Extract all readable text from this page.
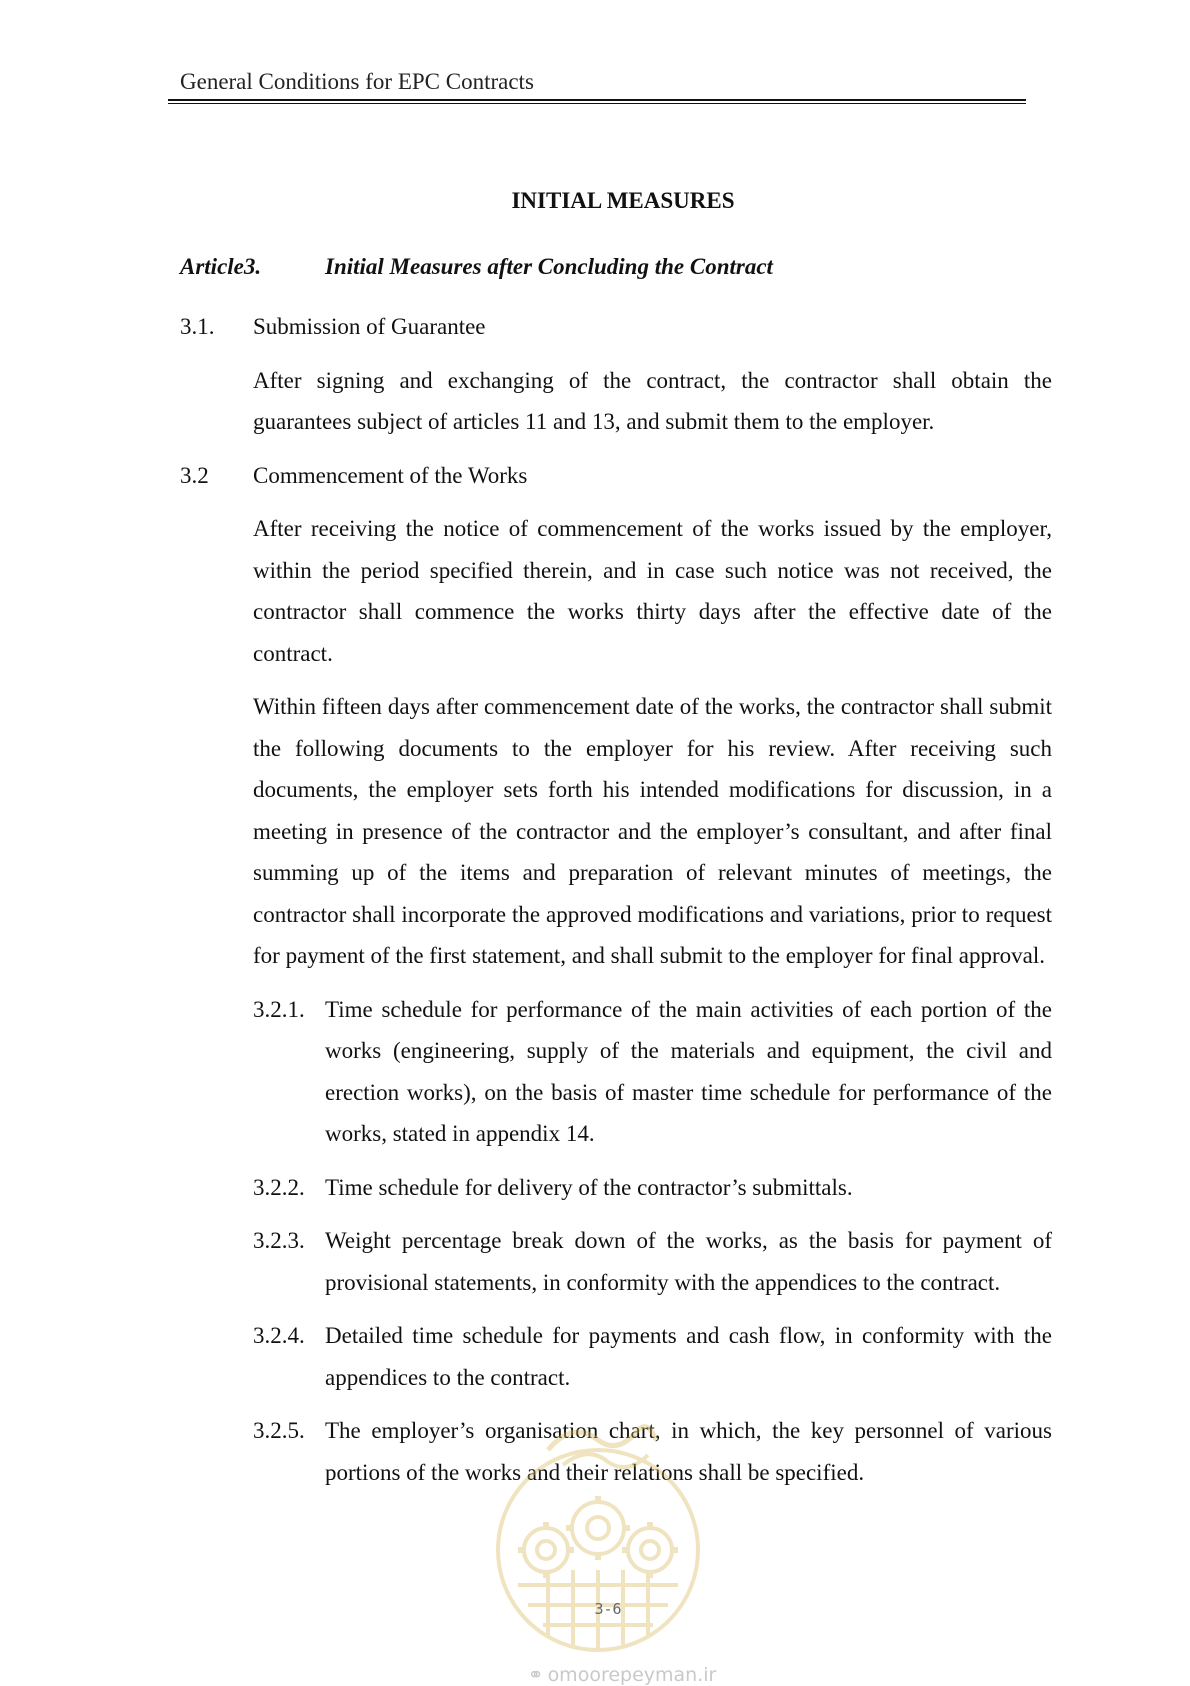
General Conditions for EPC Contracts
INITIAL MEASURES
Article3.	Initial Measures after Concluding the Contract
3.1.	Submission of Guarantee
After signing and exchanging of the contract, the contractor shall obtain the guarantees subject of articles 11 and 13, and submit them to the employer.
3.2	Commencement of the Works
After receiving the notice of commencement of the works issued by the employer, within the period specified therein, and in case such notice was not received, the contractor shall commence the works thirty days after the effective date of the contract.
Within fifteen days after commencement date of the works, the contractor shall submit the following documents to the employer for his review. After receiving such documents, the employer sets forth his intended modifications for discussion, in a meeting in presence of the contractor and the employer’s consultant, and after final summing up of the items and preparation of relevant minutes of meetings, the contractor shall incorporate the approved modifications and variations, prior to request for payment of the first statement, and shall submit to the employer for final approval.
3.2.1. Time schedule for performance of the main activities of each portion of the works (engineering, supply of the materials and equipment, the civil and erection works), on the basis of master time schedule for performance of the works, stated in appendix 14.
3.2.2. Time schedule for delivery of the contractor’s submittals.
3.2.3. Weight percentage break down of the works, as the basis for payment of provisional statements, in conformity with the appendices to the contract.
3.2.4. Detailed time schedule for payments and cash flow, in conformity with the appendices to the contract.
3.2.5. The employer’s organisation chart, in which, the key personnel of various portions of the works and their relations shall be specified.
3-6
⚭ omoorepeyman.ir
